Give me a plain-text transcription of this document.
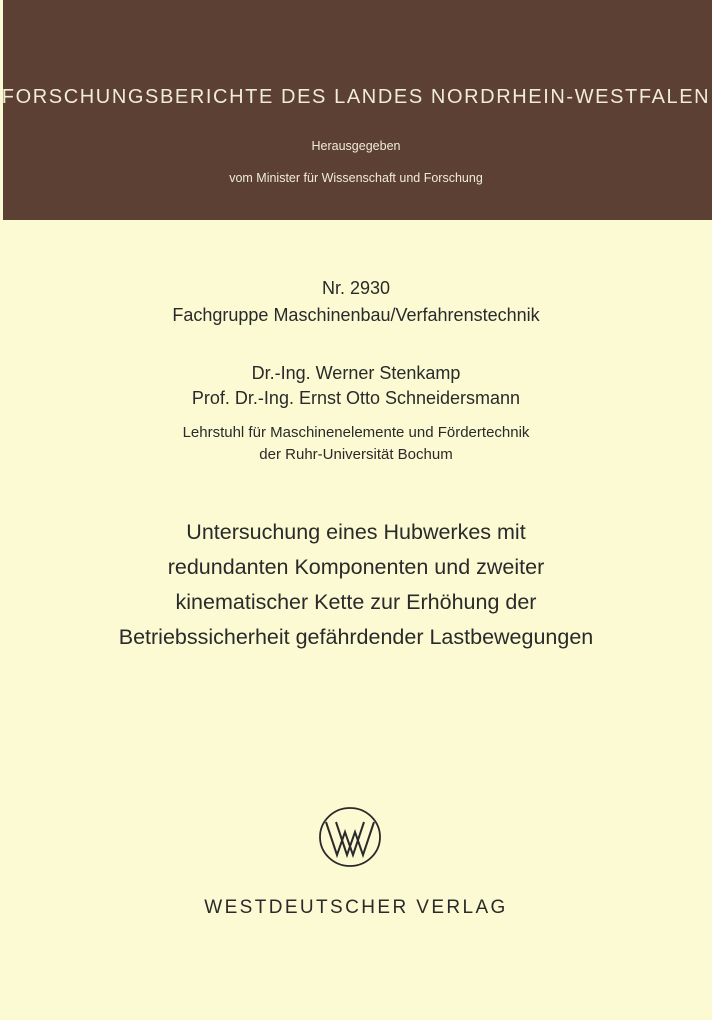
FORSCHUNGSBERICHTE DES LANDES NORDRHEIN-WESTFALEN
Herausgegeben
vom Minister für Wissenschaft und Forschung
Nr. 2930
Fachgruppe Maschinenbau/Verfahrenstechnik
Dr.-Ing. Werner Stenkamp
Prof. Dr.-Ing. Ernst Otto Schneidersmann
Lehrstuhl für Maschinenelemente und Fördertechnik
der Ruhr-Universität Bochum
Untersuchung eines Hubwerkes mit
redundanten Komponenten und zweiter
kinematischer Kette zur Erhöhung der
Betriebssicherheit gefährdender Lastbewegungen
WESTDEUTSCHER VERLAG
